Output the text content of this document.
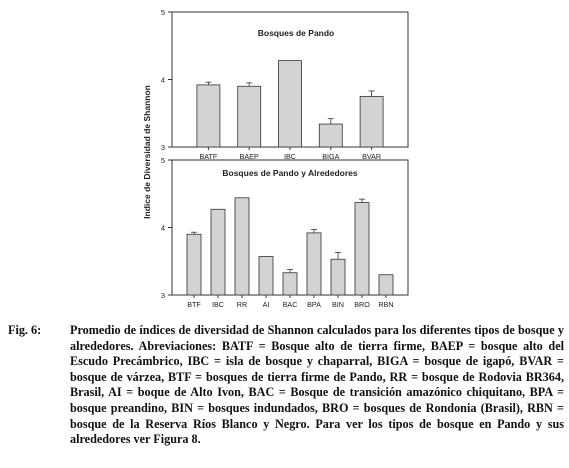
Bosques de Pando
3
4
5
BATF	BAEP	IBC	BIGA	BVAR
Bosques de Pando y Alrededores
3
4
5
BTF IBC RR AI BAC BPA BIN BRO RBN
Indice de Diversidad de Shannon
Fig. 6:	Promedio de índices de diversidad de Shannon calculados para los diferentes tipos de bosque y alrededores. Abreviaciones: BATF = Bosque alto de tierra firme, BAEP = bosque alto del Escudo Precámbrico, IBC = isla de bosque y chaparral, BIGA = bosque de igapó, BVAR = bosque de várzea, BTF = bosques de tierra firme de Pando, RR = bosque de Rodovia BR364, Brasil, AI = boque de Alto Ivon, BAC = Bosque de transición amazónico chiquitano, BPA = bosque preandino, BIN = bosques indundados, BRO = bosques de Rondonia (Brasil), RBN = bosque de la Reserva Ríos Blanco y Negro. Para ver los tipos de bosque en Pando y sus alrededores ver Figura 8.
